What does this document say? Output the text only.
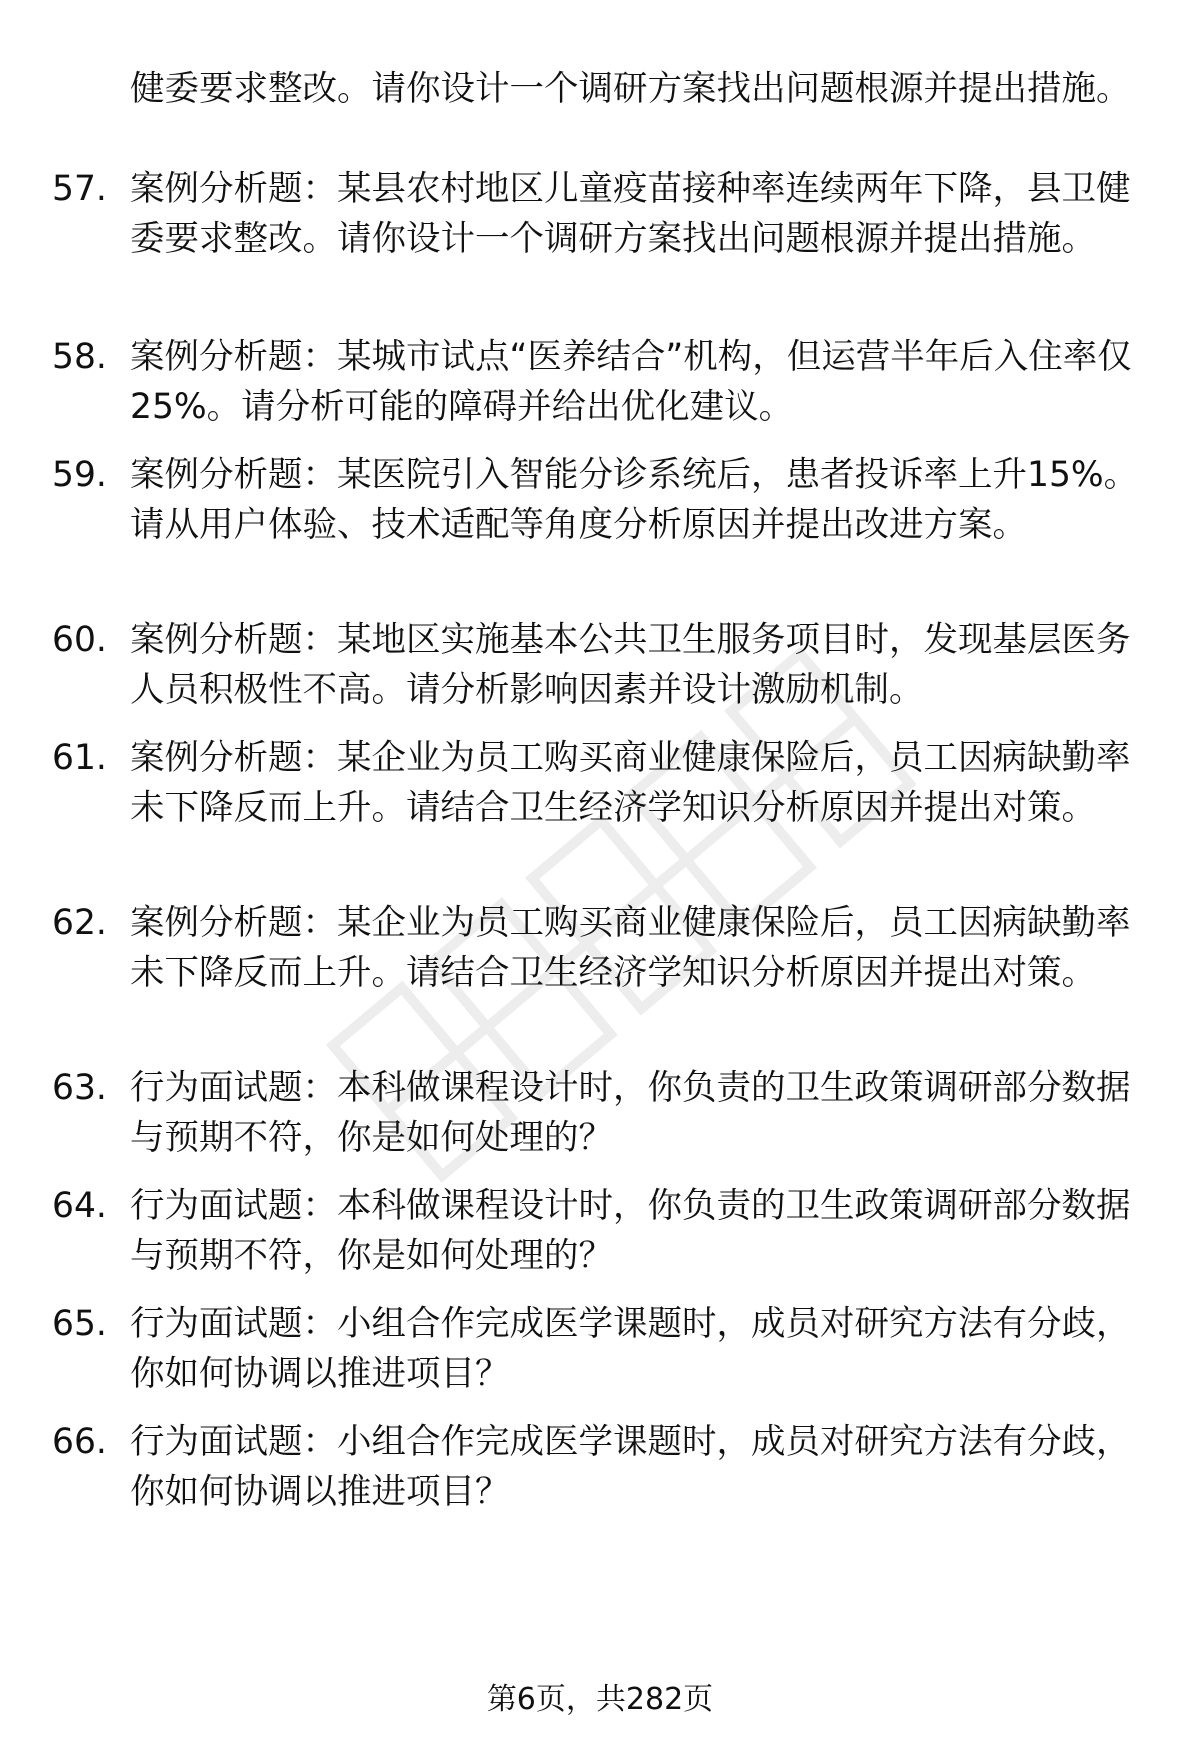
健委要求整改。请你设计一个调研方案找出问题根源并提出措施。
57. 案例分析题：某县农村地区儿童疫苗接种率连续两年下降，县卫健委要求整改。请你设计一个调研方案找出问题根源并提出措施。
58. 案例分析题：某城市试点“医养结合”机构，但运营半年后入住率仅25%。请分析可能的障碍并给出优化建议。
59. 案例分析题：某医院引入智能分诊系统后，患者投诉率上升15%。请从用户体验、技术适配等角度分析原因并提出改进方案。
60. 案例分析题：某地区实施基本公共卫生服务项目时，发现基层医务人员积极性不高。请分析影响因素并设计激励机制。
61. 案例分析题：某企业为员工购买商业健康保险后，员工因病缺勤率未下降反而上升。请结合卫生经济学知识分析原因并提出对策。
62. 案例分析题：某企业为员工购买商业健康保险后，员工因病缺勤率未下降反而上升。请结合卫生经济学知识分析原因并提出对策。
63. 行为面试题：本科做课程设计时，你负责的卫生政策调研部分数据与预期不符，你是如何处理的？
64. 行为面试题：本科做课程设计时，你负责的卫生政策调研部分数据与预期不符，你是如何处理的？
65. 行为面试题：小组合作完成医学课题时，成员对研究方法有分歧，你如何协调以推进项目？
66. 行为面试题：小组合作完成医学课题时，成员对研究方法有分歧，你如何协调以推进项目？
第6页，共282页
